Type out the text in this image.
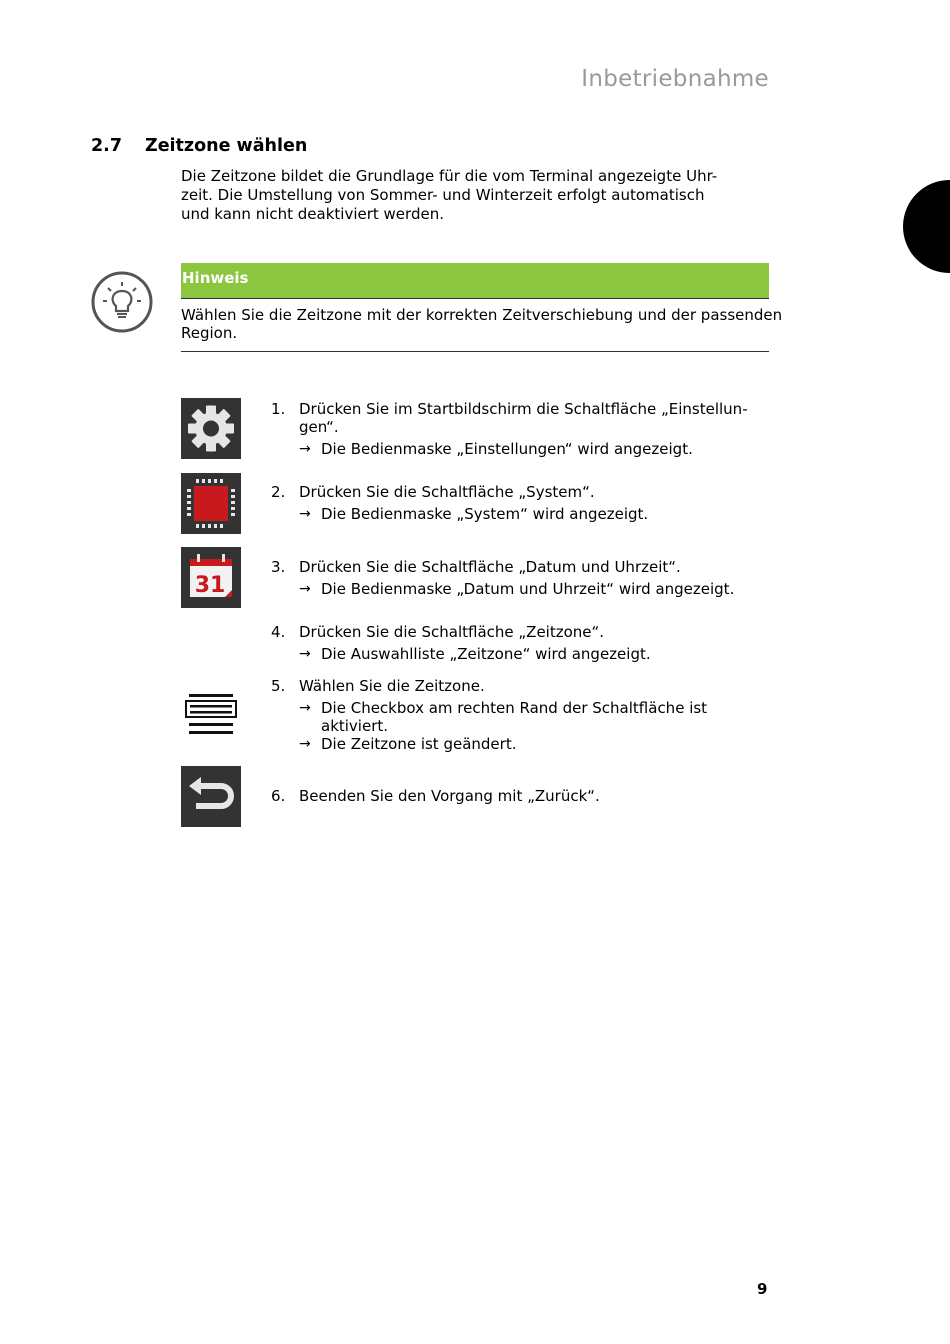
Inbetriebnahme
2.7 Zeitzone wählen
Die Zeitzone bildet die Grundlage für die vom Terminal angezeigte Uhr-
zeit. Die Umstellung von Sommer- und Winterzeit erfolgt automatisch
und kann nicht deaktiviert werden.
Hinweis
Wählen Sie die Zeitzone mit der korrekten Zeitverschiebung und der passenden
Region.
31
1. Drücken Sie im Startbildschirm die Schaltfläche „Einstellun-
gen“.
→ Die Bedienmaske „Einstellungen“ wird angezeigt.
2. Drücken Sie die Schaltfläche „System“.
→ Die Bedienmaske „System“ wird angezeigt.
3. Drücken Sie die Schaltfläche „Datum und Uhrzeit“.
→ Die Bedienmaske „Datum und Uhrzeit“ wird angezeigt.
4. Drücken Sie die Schaltfläche „Zeitzone“.
→ Die Auswahlliste „Zeitzone“ wird angezeigt.
5. Wählen Sie die Zeitzone.
→ Die Checkbox am rechten Rand der Schaltfläche ist
aktiviert.
→ Die Zeitzone ist geändert.
6. Beenden Sie den Vorgang mit „Zurück“.
9
